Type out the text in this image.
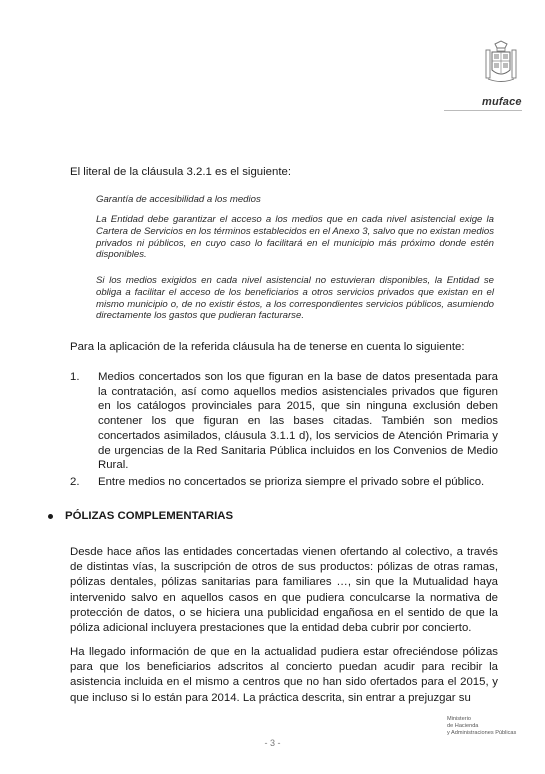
muface
El literal de la cláusula 3.2.1 es el siguiente:
Garantía de accesibilidad a los medios
La Entidad debe garantizar el acceso a los medios que en cada nivel asistencial exige la Cartera de Servicios en los términos establecidos en el Anexo 3, salvo que no existan medios privados ni públicos, en cuyo caso lo facilitará en el municipio más próximo donde estén disponibles.
Si los medios exigidos en cada nivel asistencial no estuvieran disponibles, la Entidad se obliga a facilitar el acceso de los beneficiarios a otros servicios privados que existan en el mismo municipio o, de no existir éstos, a los correspondientes servicios públicos, asumiendo directamente los gastos que pudieran facturarse.
Para la aplicación de la referida cláusula ha de tenerse en cuenta lo siguiente:
1.	Medios concertados son los que figuran en la base de datos presentada para la contratación, así como aquellos medios asistenciales privados que figuren en los catálogos provinciales para 2015, que sin ninguna exclusión deben contener los que figuran en las bases citadas. También son medios concertados asimilados, cláusula 3.1.1 d), los servicios de Atención Primaria y de urgencias de la Red Sanitaria Pública incluidos en los Convenios de Medio Rural.
2.	Entre medios no concertados se prioriza siempre el privado sobre el público.
PÓLIZAS COMPLEMENTARIAS
Desde hace años las entidades concertadas vienen ofertando al colectivo, a través de distintas vías, la suscripción de otros de sus productos: pólizas de otras ramas, pólizas dentales, pólizas sanitarias para familiares …, sin que la Mutualidad haya intervenido salvo en aquellos casos en que pudiera conculcarse la normativa de protección de datos, o se hiciera una publicidad engañosa en el sentido de que la póliza adicional incluyera prestaciones que la entidad deba cubrir por concierto.
Ha llegado información de que en la actualidad pudiera estar ofreciéndose pólizas para que los beneficiarios adscritos al concierto puedan acudir para recibir la asistencia incluida en el mismo a centros que no han sido ofertados para el 2015, y que incluso si lo están para 2014. La práctica descrita, sin entrar a prejuzgar su
Ministerio
de Hacienda
y Administraciones Públicas
- 3 -
